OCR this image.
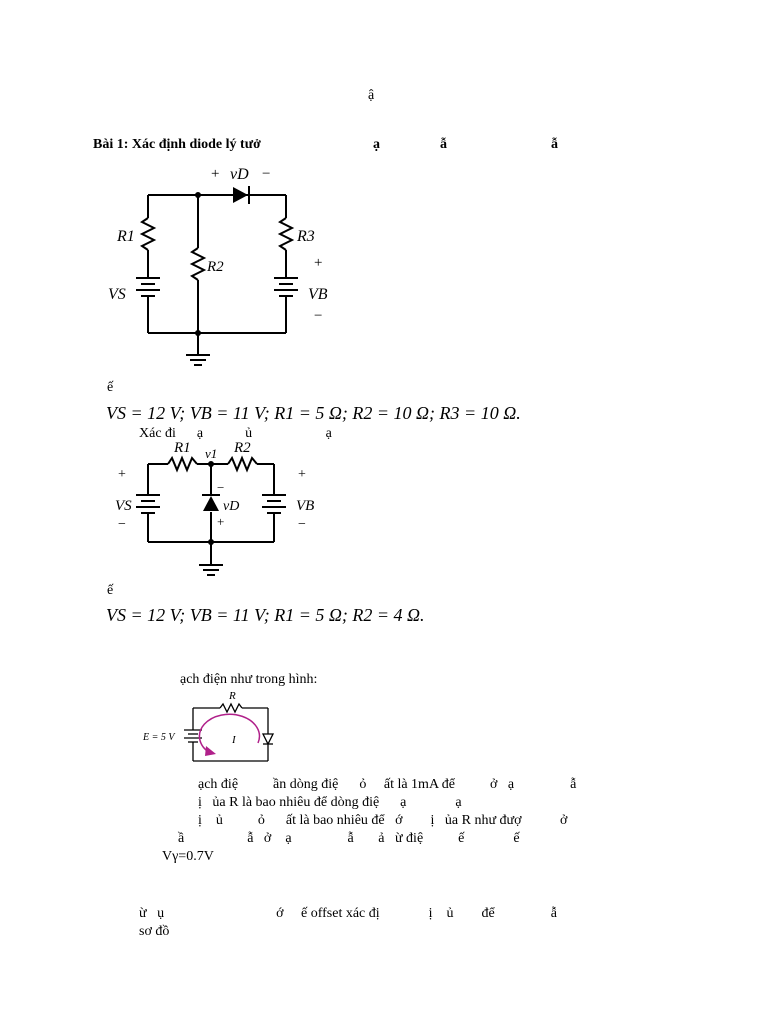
ậ
Bài 1: Xác định diode lý tưở	ạ	ẫ	ẫ
+ vD −
R1
R2
R3
+
VS	VB
−
ế
VS = 12 V; VB = 11 V; R1 = 5 Ω; R2 = 10 Ω; R3 = 10 Ω.
Xác đi      ạ            ủ                     ạ
R1 v1 R2
+
VS
−
−
vD
+
+
VB
−
ế
VS = 12 V; VB = 11 V; R1 = 5 Ω; R2 = 4 Ω.
ạch điện như trong hình:
R
E = 5 V	I
ạch điệ          ần dòng điệ      ỏ     ất là 1mA để          ở   ạ                ẫ
ị   ủa R là bao nhiêu để dòng điệ      ạ              ạ
ị    ủ          ỏ      ất là bao nhiêu để   ớ        ị   ủa R như đượ           ở
ầ                  ẫ   ở    ạ                ẫ       ả   ừ điệ          ế              ế
Vγ=0.7V
ừ   ụ                                ớ     ế offset xác đị              ị    ủ        để                ẫ
sơ đồ
